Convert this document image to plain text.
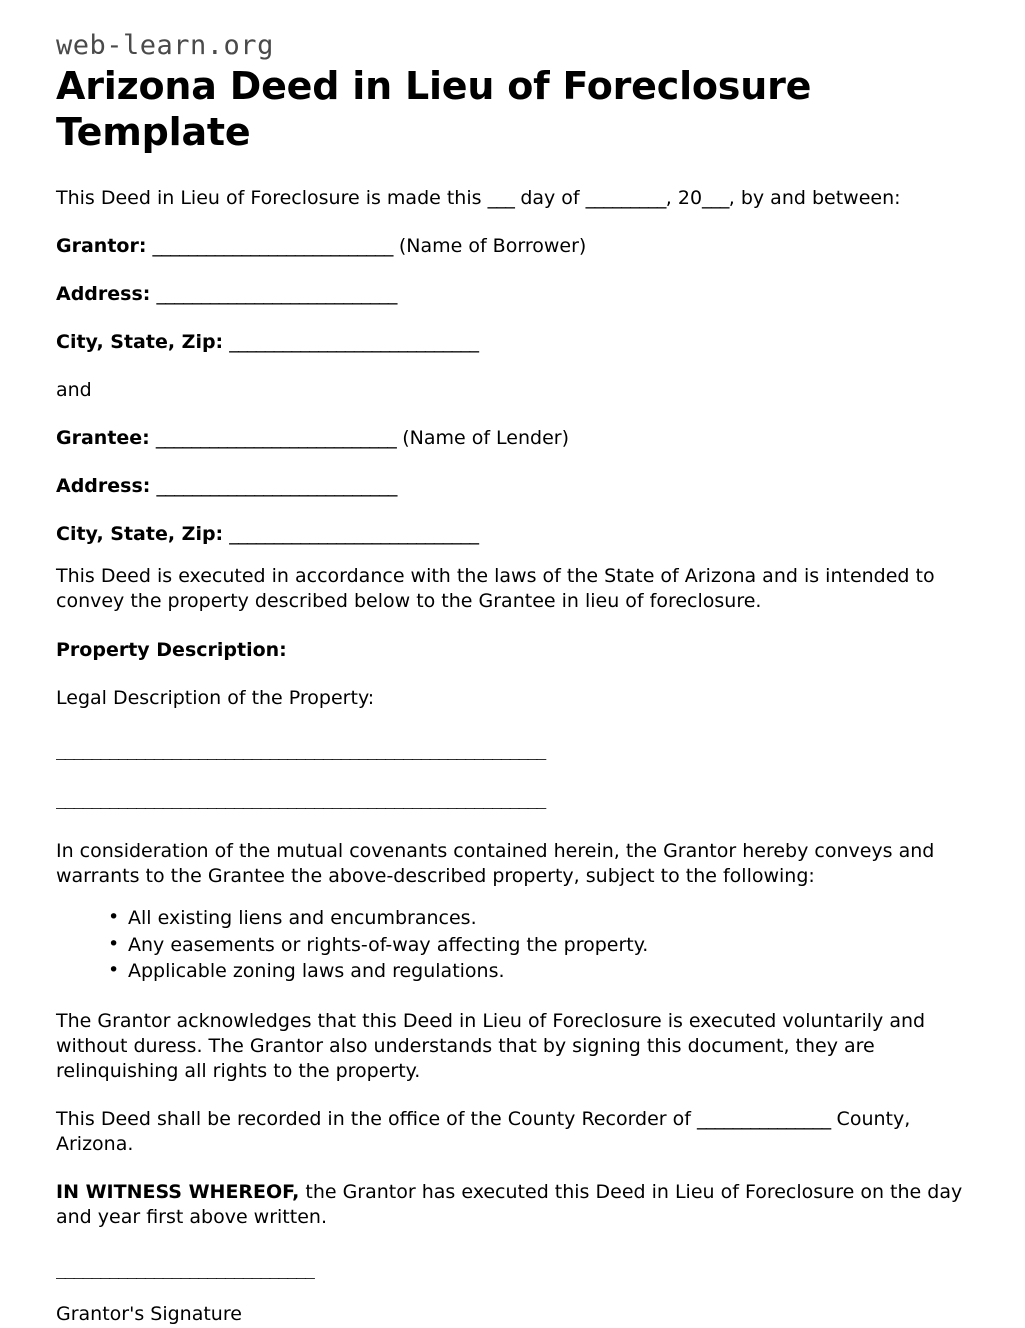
web-learn.org
Arizona Deed in Lieu of Foreclosure Template

This Deed in Lieu of Foreclosure is made this ___ day of _________, 20___, by and between:

Grantor: ___________________________ (Name of Borrower)

Address: ___________________________

City, State, Zip: ____________________________

and

Grantee: ___________________________ (Name of Lender)

Address: ___________________________

City, State, Zip: ____________________________

This Deed is executed in accordance with the laws of the State of Arizona and is intended to convey the property described below to the Grantee in lieu of foreclosure.

Property Description:

Legal Description of the Property:

_______________________________________________________

_______________________________________________________

In consideration of the mutual covenants contained herein, the Grantor hereby conveys and warrants to the Grantee the above-described property, subject to the following:

• All existing liens and encumbrances.
• Any easements or rights-of-way affecting the property.
• Applicable zoning laws and regulations.

The Grantor acknowledges that this Deed in Lieu of Foreclosure is executed voluntarily and without duress. The Grantor also understands that by signing this document, they are relinquishing all rights to the property.

This Deed shall be recorded in the office of the County Recorder of _______________ County, Arizona.

IN WITNESS WHEREOF, the Grantor has executed this Deed in Lieu of Foreclosure on the day and year first above written.

_____________________________

Grantor's Signature
